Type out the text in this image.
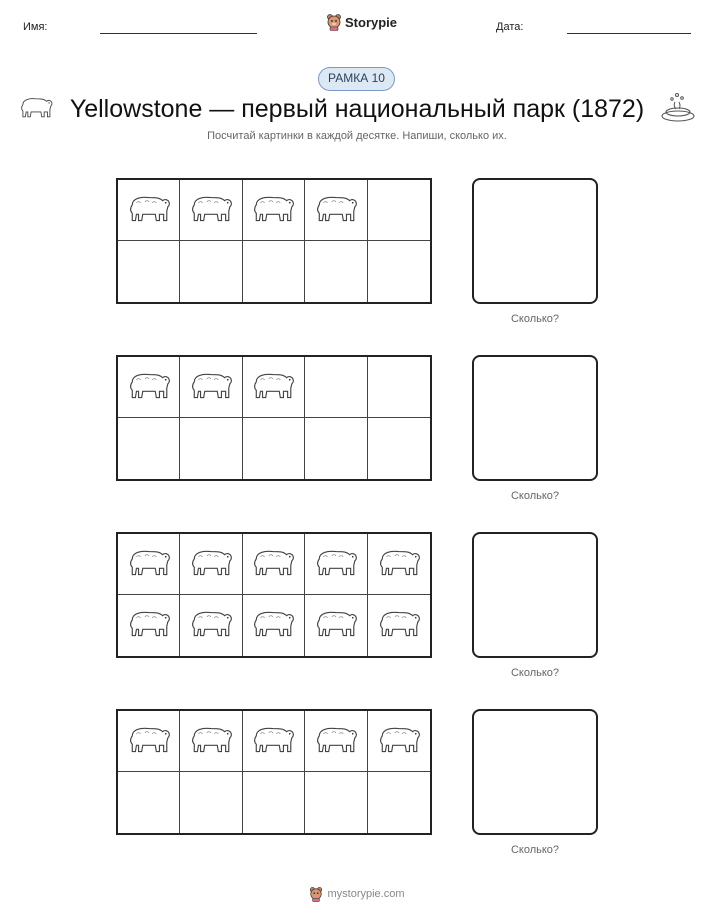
Имя:	Storypie	Дата:
РАМКА 10
Yellowstone — первый национальный парк (1872)
Посчитай картинки в каждой десятке. Напиши, сколько их.
Сколько?
Сколько?
Сколько?
Сколько?
mystorypie.com
